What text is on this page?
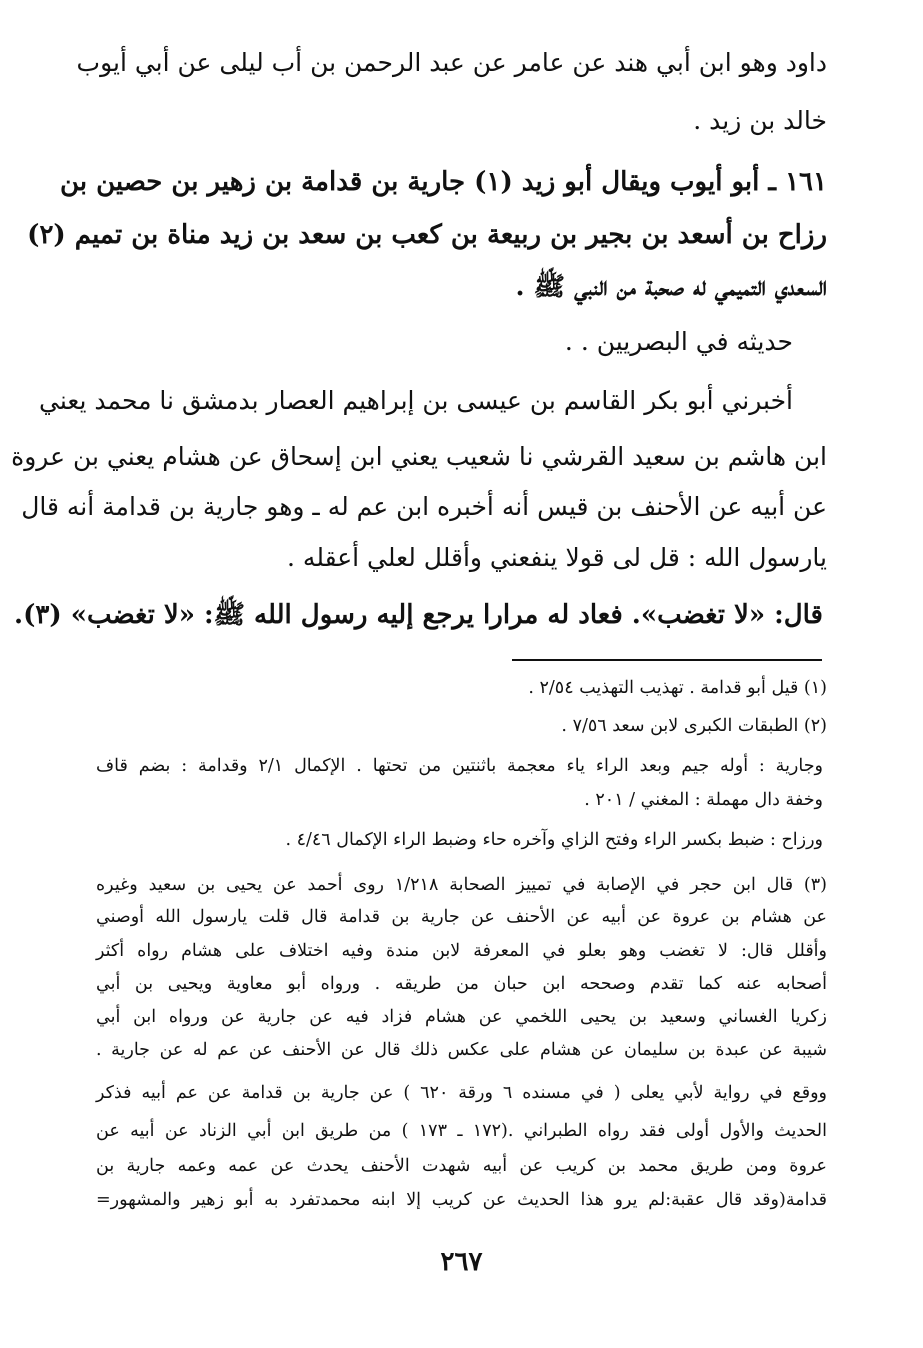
داود وهو ابن أبي هند عن عامر عن عبد الرحمن بن أب ليلى عن أبي أيوب
خالد بن زيد .
١٦١ ـ أبو أيوب ويقال أبو زيد (١) جارية بن قدامة بن زهير بن حصين بن
رزاح بن أسعد بن بجير بن ربيعة بن كعب بن سعد بن زيد مناة بن تميم (٢)
السعدي التميمي له صحبة من النبي ﷺ .
حديثه في البصريين . .
أخبرني أبو بكر القاسم بن عيسى بن إبراهيم العصار بدمشق نا محمد يعني
ابن هاشم بن سعيد القرشي نا شعيب يعني ابن إسحاق عن هشام يعني بن عروة
عن أبيه عن الأحنف بن قيس أنه أخبره ابن عم له ـ وهو جارية بن قدامة أنه قال
يارسول الله : قل لى قولا ينفعني وأقلل لعلي أعقله .
قال: «لا تغضب». فعاد له مرارا يرجع إليه رسول الله ﷺ: «لا تغضب» (٣).
(١) قيل أبو قدامة . تهذيب التهذيب ٢/٥٤ .
(٢) الطبقات الكبرى لابن سعد ٧/٥٦ .
وجارية : أوله جيم وبعد الراء ياء معجمة باثنتين من تحتها . الإكمال ٢/١ وقدامة : بضم قاف
وخفة دال مهملة : المغني / ٢٠١ .
ورزاح : ضبط بكسر الراء وفتح الزاي وآخره حاء وضبط الراء الإكمال ٤/٤٦ .
(٣) قال ابن حجر في الإصابة في تمييز الصحابة ١/٢١٨ روى أحمد عن يحيى بن سعيد وغيره
عن هشام بن عروة عن أبيه عن الأحنف عن جارية بن قدامة قال قلت يارسول الله أوصني
وأقلل قال: لا تغضب وهو بعلو في المعرفة لابن مندة وفيه اختلاف على هشام رواه أكثر
أصحابه عنه كما تقدم وصححه ابن حبان من طريقه . ورواه أبو معاوية ويحيى بن أبي
زكريا الغساني وسعيد بن يحيى اللخمي عن هشام فزاد فيه عن جارية عن ورواه ابن أبي
شيبة عن عبدة بن سليمان عن هشام على عكس ذلك قال عن الأحنف عن عم له عن جارية .
ووقع في رواية لأبي يعلى ( في مسنده ٦ ورقة ٦٢٠ ) عن جارية بن قدامة عن عم أبيه فذكر
الحديث والأول أولى فقد رواه الطبراني .(١٧٢ ـ ١٧٣ ) من طريق ابن أبي الزناد عن أبيه عن
عروة ومن طريق محمد بن كريب عن أبيه شهدت الأحنف يحدث عن عمه وعمه جارية بن
قدامة(وقد قال عقبة:لم يرو هذا الحديث عن كريب إلا ابنه محمدتفرد به أبو زهير والمشهور=
٢٦٧
